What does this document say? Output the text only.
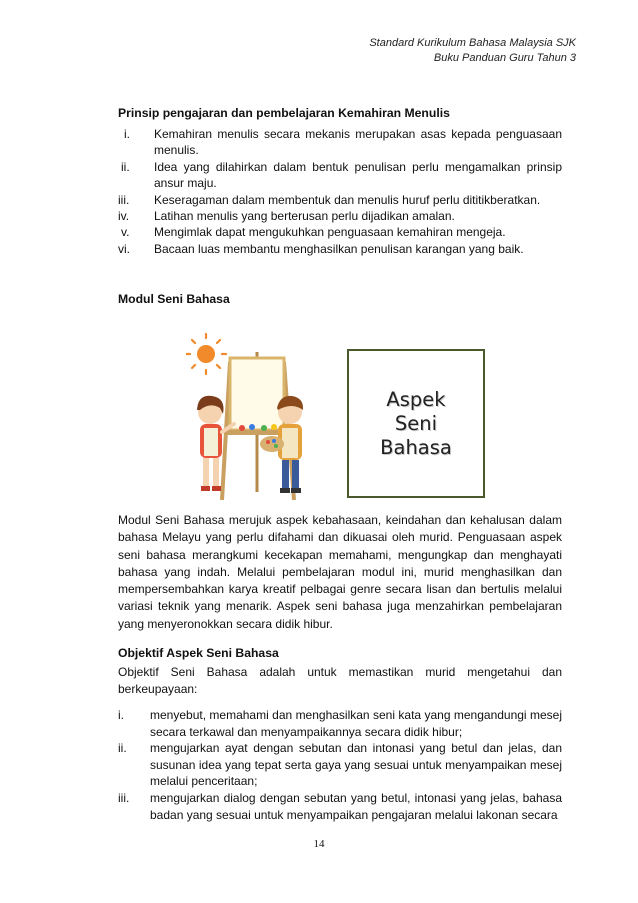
Standard Kurikulum Bahasa Malaysia SJK
Buku Panduan Guru Tahun 3
Prinsip pengajaran dan pembelajaran Kemahiran Menulis
i.	Kemahiran menulis secara mekanis merupakan asas kepada penguasaan menulis.
ii.	Idea yang dilahirkan dalam bentuk penulisan perlu mengamalkan prinsip ansur maju.
iii.	Keseragaman dalam membentuk dan menulis huruf perlu dititikberatkan.
iv.	Latihan menulis yang berterusan perlu dijadikan amalan.
v.	Mengimlak dapat mengukuhkan penguasaan kemahiran mengeja.
vi.	Bacaan luas membantu menghasilkan penulisan karangan yang baik.
Modul Seni Bahasa
Aspek
Seni
Bahasa
Modul Seni Bahasa merujuk aspek kebahasaan, keindahan dan kehalusan dalam bahasa Melayu yang perlu difahami dan dikuasai oleh murid. Penguasaan aspek seni bahasa merangkumi kecekapan memahami, mengungkap dan menghayati bahasa yang indah. Melalui pembelajaran modul ini, murid menghasilkan dan mempersembahkan karya kreatif pelbagai genre secara lisan dan bertulis melalui variasi teknik yang menarik. Aspek seni bahasa juga menzahirkan pembelajaran yang menyeronokkan secara didik hibur.
Objektif Aspek Seni Bahasa
Objektif Seni Bahasa adalah untuk memastikan murid mengetahui dan berkeupayaan:
i.	menyebut, memahami dan menghasilkan seni kata yang mengandungi mesej secara terkawal dan menyampaikannya secara didik hibur;
ii.	mengujarkan ayat dengan sebutan dan intonasi yang betul dan jelas, dan susunan idea yang tepat serta gaya yang sesuai untuk menyampaikan mesej melalui penceritaan;
iii.	mengujarkan dialog dengan sebutan yang betul, intonasi yang jelas, bahasa badan yang sesuai untuk menyampaikan pengajaran melalui lakonan secara
14
